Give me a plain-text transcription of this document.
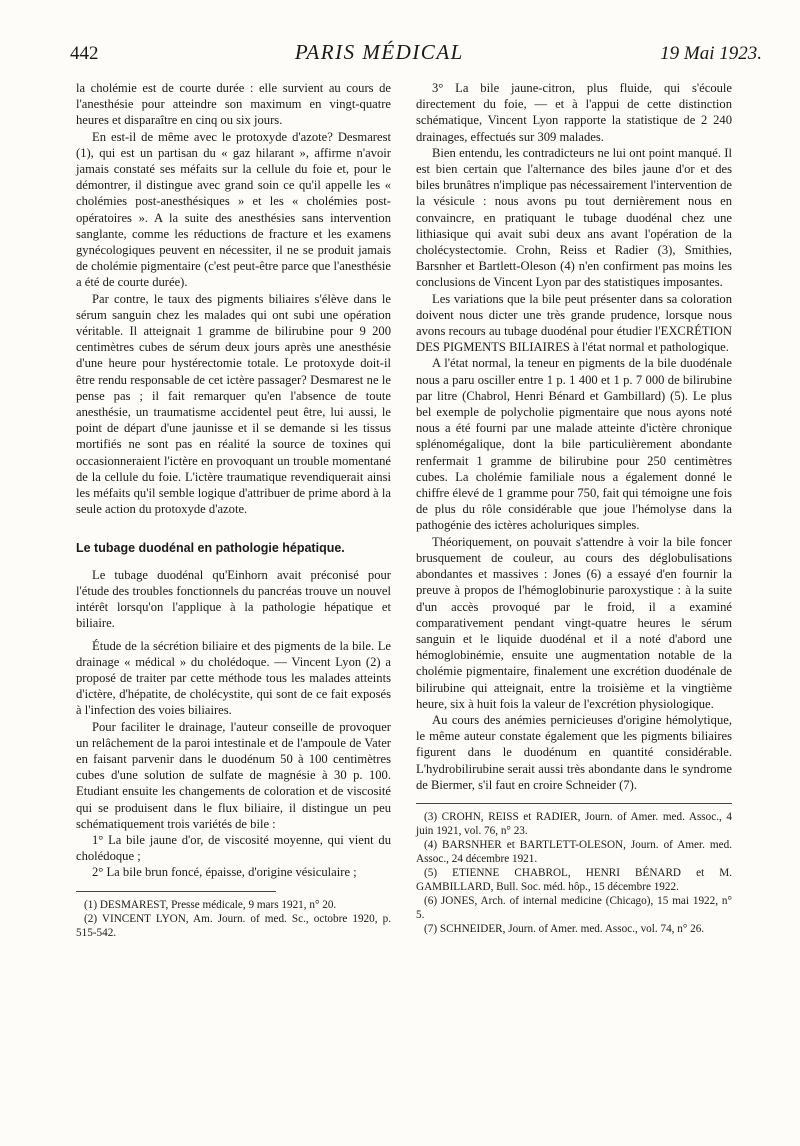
442	PARIS MÉDICAL	19 Mai 1923.

la cholémie est de courte durée : elle survient au cours de l'anesthésie pour atteindre son maximum en vingt-quatre heures et disparaître en cinq ou six jours.

En est-il de même avec le protoxyde d'azote? Desmarest (1), qui est un partisan du « gaz hilarant », affirme n'avoir jamais constaté ses méfaits sur la cellule du foie et, pour le démontrer, il distingue avec grand soin ce qu'il appelle les « cholémies post-anesthésiques » et les « cholémies post-opératoires ». A la suite des anesthésies sans intervention sanglante, comme les réductions de fracture et les examens gynécologiques peuvent en nécessiter, il ne se produit jamais de cholémie pigmentaire (c'est peut-être parce que l'anesthésie a été de courte durée).

Par contre, le taux des pigments biliaires s'élève dans le sérum sanguin chez les malades qui ont subi une opération véritable. Il atteignait 1 gramme de bilirubine pour 9 200 centimètres cubes de sérum deux jours après une anesthésie d'une heure pour hystérectomie totale. Le protoxyde doit-il être rendu responsable de cet ictère passager? Desmarest ne le pense pas ; il fait remarquer qu'en l'absence de toute anesthésie, un traumatisme accidentel peut être, lui aussi, le point de départ d'une jaunisse et il se demande si les tissus mortifiés ne sont pas en réalité la source de toxines qui occasionneraient l'ictère en provoquant un trouble momentané de la cellule du foie. L'ictère traumatique revendiquerait ainsi les méfaits qu'il semble logique d'attribuer de prime abord à la seule action du protoxyde d'azote.

Le tubage duodénal en pathologie hépatique.

Le tubage duodénal qu'Einhorn avait préconisé pour l'étude des troubles fonctionnels du pancréas trouve un nouvel intérêt lorsqu'on l'applique à la pathologie hépatique et biliaire.

Étude de la sécrétion biliaire et des pigments de la bile. Le drainage « médical » du cholédoque. — Vincent Lyon (2) a proposé de traiter par cette méthode tous les malades atteints d'ictère, d'hépatite, de cholécystite, qui sont de ce fait exposés à l'infection des voies biliaires.

Pour faciliter le drainage, l'auteur conseille de provoquer un relâchement de la paroi intestinale et de l'ampoule de Vater en faisant parvenir dans le duodénum 50 à 100 centimètres cubes d'une solution de sulfate de magnésie à 30 p. 100. Etudiant ensuite les changements de coloration et de viscosité qui se produisent dans le flux biliaire, il distingue un peu schématiquement trois variétés de bile :

1° La bile jaune d'or, de viscosité moyenne, qui vient du cholédoque ;

2° La bile brun foncé, épaisse, d'origine vésiculaire ;

(1) DESMAREST, Presse médicale, 9 mars 1921, n° 20.

(2) VINCENT LYON, Am. Journ. of med. Sc., octobre 1920, p. 515-542.

3° La bile jaune-citron, plus fluide, qui s'écoule directement du foie, — et à l'appui de cette distinction schématique, Vincent Lyon rapporte la statistique de 2 240 drainages, effectués sur 309 malades.

Bien entendu, les contradicteurs ne lui ont point manqué. Il est bien certain que l'alternance des biles jaune d'or et des biles brunâtres n'implique pas nécessairement l'intervention de la vésicule : nous avons pu tout dernièrement nous en convaincre, en pratiquant le tubage duodénal chez une lithiasique qui avait subi deux ans avant l'opération de la cholécystectomie. Crohn, Reiss et Radier (3), Smithies, Barsnher et Bartlett-Oleson (4) n'en confirment pas moins les conclusions de Vincent Lyon par des statistiques imposantes.

Les variations que la bile peut présenter dans sa coloration doivent nous dicter une très grande prudence, lorsque nous avons recours au tubage duodénal pour étudier l'EXCRÉTION DES PIGMENTS BILIAIRES à l'état normal et pathologique.

A l'état normal, la teneur en pigments de la bile duodénale nous a paru osciller entre 1 p. 1 400 et 1 p. 7 000 de bilirubine par litre (Chabrol, Henri Bénard et Gambillard) (5). Le plus bel exemple de polycholie pigmentaire que nous ayons noté nous a été fourni par une malade atteinte d'ictère chronique splénomégalique, dont la bile particulièrement abondante renfermait 1 gramme de bilirubine pour 250 centimètres cubes. La cholémie familiale nous a également donné le chiffre élevé de 1 gramme pour 750, fait qui témoigne une fois de plus du rôle considérable que joue l'hémolyse dans la pathogénie des ictères acholuriques simples.

Théoriquement, on pouvait s'attendre à voir la bile foncer brusquement de couleur, au cours des déglobulisations abondantes et massives : Jones (6) a essayé d'en fournir la preuve à propos de l'hémoglobinurie paroxystique : à la suite d'un accès provoqué par le froid, il a examiné comparativement pendant vingt-quatre heures le sérum sanguin et le liquide duodénal et il a noté d'abord une hémoglobinémie, ensuite une augmentation notable de la cholémie pigmentaire, finalement une excrétion duodénale de bilirubine qui atteignait, entre la troisième et la vingtième heure, six à huit fois la valeur de l'excrétion physiologique.

Au cours des anémies pernicieuses d'origine hémolytique, le même auteur constate également que les pigments biliaires figurent dans le duodénum en quantité considérable. L'hydrobilirubine serait aussi très abondante dans le syndrome de Biermer, s'il faut en croire Schneider (7).

(3) CROHN, REISS et RADIER, Journ. of Amer. med. Assoc., 4 juin 1921, vol. 76, n° 23.

(4) BARSNHER et BARTLETT-OLESON, Journ. of Amer. med. Assoc., 24 décembre 1921.

(5) ETIENNE CHABROL, HENRI BÉNARD et M. GAMBILLARD, Bull. Soc. méd. hôp., 15 décembre 1922.

(6) JONES, Arch. of internal medicine (Chicago), 15 mai 1922, n° 5.

(7) SCHNEIDER, Journ. of Amer. med. Assoc., vol. 74, n° 26.
